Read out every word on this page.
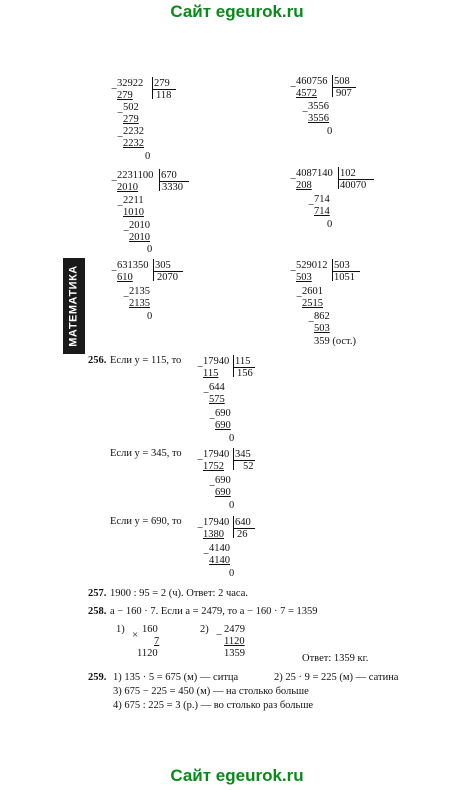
Сайт egeurok.ru
МАТЕМАТИКА
32922 279
118
−
279
502
−
279
2232
−
2232
0
460756 508
907
−
4572
3556
−
3556
0
2231100 670
3330
−
2010
2211
−
1010
2010
−
2010
0
4087140 102
40070
−
208
714
−
714
0
631350 305
2070
−
610
2135
−
2135
0
529012 503
1051
−
503
2601
−
2515
862
−
503
359 (ост.)
256. Если y = 115, то 17940 115
156
−
115
644
−
575
690
−
690
0
Если y = 345, то 17940 345
52
−
1752
690
−
690
0
Если y = 690, то 17940 640
26
−
1380
4140
−
4140
0
257. 1900 : 95 = 2 (ч). Ответ: 2 часа.
258. a − 160 · 7. Если a = 2479, то a − 160 · 7 = 1359
1) × 160
7
1120
2) 2479
−
1120
1359	Ответ: 1359 кг.
259. 1) 135 · 5 = 675 (м) — ситца	2) 25 · 9 = 225 (м) — сатина
3) 675 − 225 = 450 (м) — на столько больше
4) 675 : 225 = 3 (р.) — во столько раз больше
Сайт egeurok.ru
